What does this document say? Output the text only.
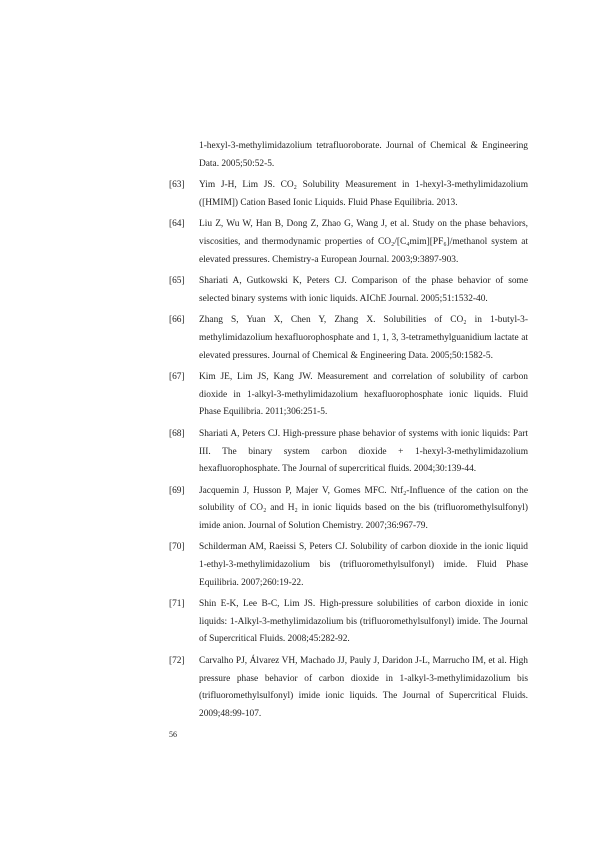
1-hexyl-3-methylimidazolium tetrafluoroborate. Journal of Chemical & Engineering Data. 2005;50:52-5.
[63]	Yim J-H, Lim JS. CO₂ Solubility Measurement in 1-hexyl-3-methylimidazolium ([HMIM]) Cation Based Ionic Liquids. Fluid Phase Equilibria. 2013.
[64]	Liu Z, Wu W, Han B, Dong Z, Zhao G, Wang J, et al. Study on the phase behaviors, viscosities, and thermodynamic properties of CO₂/[C₄mim][PF₆]/methanol system at elevated pressures. Chemistry-a European Journal. 2003;9:3897-903.
[65]	Shariati A, Gutkowski K, Peters CJ. Comparison of the phase behavior of some selected binary systems with ionic liquids. AIChE Journal. 2005;51:1532-40.
[66]	Zhang S, Yuan X, Chen Y, Zhang X. Solubilities of CO₂ in 1-butyl-3-methylimidazolium hexafluorophosphate and 1, 1, 3, 3-tetramethylguanidium lactate at elevated pressures. Journal of Chemical & Engineering Data. 2005;50:1582-5.
[67]	Kim JE, Lim JS, Kang JW. Measurement and correlation of solubility of carbon dioxide in 1-alkyl-3-methylimidazolium hexafluorophosphate ionic liquids. Fluid Phase Equilibria. 2011;306:251-5.
[68]	Shariati A, Peters CJ. High-pressure phase behavior of systems with ionic liquids: Part III. The binary system carbon dioxide + 1-hexyl-3-methylimidazolium hexafluorophosphate. The Journal of supercritical fluids. 2004;30:139-44.
[69]	Jacquemin J, Husson P, Majer V, Gomes MFC. Ntf₂-Influence of the cation on the solubility of CO₂ and H₂ in ionic liquids based on the bis (trifluoromethylsulfonyl) imide anion. Journal of Solution Chemistry. 2007;36:967-79.
[70]	Schilderman AM, Raeissi S, Peters CJ. Solubility of carbon dioxide in the ionic liquid 1-ethyl-3-methylimidazolium bis (trifluoromethylsulfonyl) imide. Fluid Phase Equilibria. 2007;260:19-22.
[71]	Shin E-K, Lee B-C, Lim JS. High-pressure solubilities of carbon dioxide in ionic liquids: 1-Alkyl-3-methylimidazolium bis (trifluoromethylsulfonyl) imide. The Journal of Supercritical Fluids. 2008;45:282-92.
[72]	Carvalho PJ, Álvarez VH, Machado JJ, Pauly J, Daridon J-L, Marrucho IM, et al. High pressure phase behavior of carbon dioxide in 1-alkyl-3-methylimidazolium bis (trifluoromethylsulfonyl) imide ionic liquids. The Journal of Supercritical Fluids. 2009;48:99-107.
56
